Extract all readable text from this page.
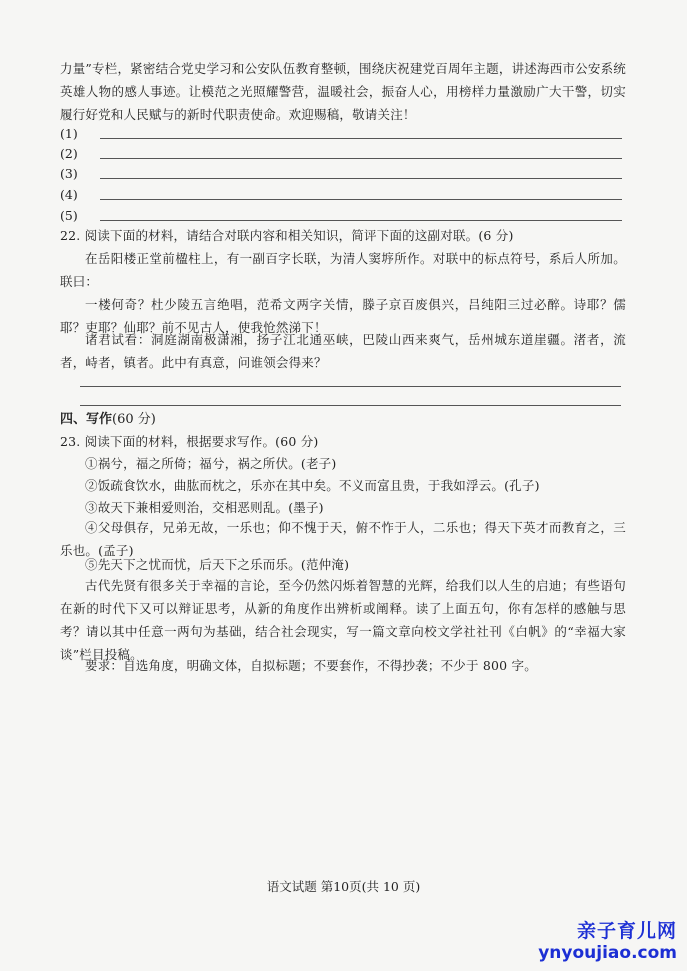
力量”专栏，紧密结合党史学习和公安队伍教育整顿，围绕庆祝建党百周年主题，讲述海西市公安系统英雄人物的感人事迹。让模范之光照耀警营，温暖社会，振奋人心，用榜样力量激励广大干警，切实履行好党和人民赋与的新时代职责使命。欢迎赐稿，敬请关注！

(1)
(2)
(3)
(4)
(5)

22. 阅读下面的材料，请结合对联内容和相关知识，简评下面的这副对联。(6 分)

在岳阳楼正堂前楹柱上，有一副百字长联，为清人窦垿所作。对联中的标点符号，系后人所加。联曰：

一楼何奇？杜少陵五言绝唱，范希文两字关情，滕子京百废俱兴，吕纯阳三过必醉。诗耶？儒耶？吏耶？仙耶？前不见古人，使我怆然涕下！

诸君试看：洞庭湖南极潇湘，扬子江北通巫峡，巴陵山西来爽气，岳州城东道崖疆。渚者，流者，峙者，镇者。此中有真意，问谁领会得来？

四、写作(60 分)

23. 阅读下面的材料，根据要求写作。(60 分)

①祸兮，福之所倚；福兮，祸之所伏。(老子)

②饭疏食饮水，曲肱而枕之，乐亦在其中矣。不义而富且贵，于我如浮云。(孔子)

③故天下兼相爱则治，交相恶则乱。(墨子)

④父母俱存，兄弟无故，一乐也；仰不愧于天，俯不怍于人，二乐也；得天下英才而教育之，三乐也。(孟子)

⑤先天下之忧而忧，后天下之乐而乐。(范仲淹)

古代先贤有很多关于幸福的言论，至今仍然闪烁着智慧的光辉，给我们以人生的启迪；有些语句在新的时代下又可以辩证思考，从新的角度作出辨析或阐释。读了上面五句，你有怎样的感触与思考？请以其中任意一两句为基础，结合社会现实，写一篇文章向校文学社社刊《白帆》的“幸福大家谈”栏目投稿。

要求：自选角度，明确文体，自拟标题；不要套作，不得抄袭；不少于 800 字。

语文试题 第10页(共 10 页)
亲子育儿网
ynyoujiao.com
